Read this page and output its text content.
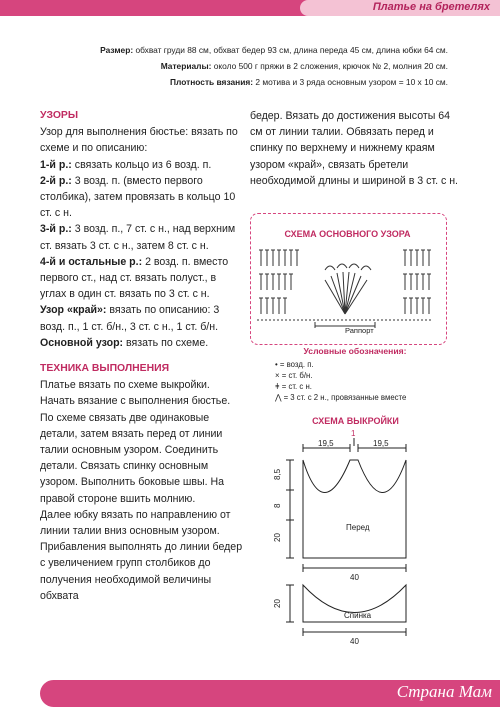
Платье на бретелях
Размер: обхват груди 88 см, обхват бедер 93 см, длина переда 45 см, длина юбки 64 см.
Материалы: около 500 г пряжи в 2 сложения, крючок № 2, молния 20 см.
Плотность вязания: 2 мотива и 3 ряда основным узором = 10 х 10 см.
УЗОРЫ
Узор для выполнения бюстье: вязать по схеме и по описанию:
1-й р.: связать кольцо из 6 возд. п.
2-й р.: 3 возд. п. (вместо первого столбика), затем провязать в кольцо 10 ст. с н.
3-й р.: 3 возд. п., 7 ст. с н., над верхним ст. вязать 3 ст. с н., затем 8 ст. с н.
4-й и остальные р.: 2 возд. п. вместо первого ст., над ст. вязать полуст., в углах в один ст. вязать по 3 ст. с н.
Узор «край»: вязать по описанию: 3 возд. п., 1 ст. б/н., 3 ст. с н., 1 ст. б/н.
Основной узор: вязать по схеме.
ТЕХНИКА ВЫПОЛНЕНИЯ
Платье вязать по схеме выкройки. Начать вязание с выполнения бюстье. По схеме связать две одинаковые детали, затем вязать перед от линии талии основным узором. Соединить детали. Связать спинку основным узором. Выполнить боковые швы. На правой стороне вшить молнию.
Далее юбку вязать по направлению от линии талии вниз основным узором. Прибавления выполнять до линии бедер с увеличением групп столбиков до получения необходимой величины обхвата
бедер. Вязать до достижения высоты 64 см от линии талии. Обвязать перед и спинку по верхнему и нижнему краям узором «край», связать бретели необходимой длины и шириной в 3 ст. с н.
СХЕМА ОСНОВНОГО УЗОРА
Раппорт
Условные обозначения:
• = возд. п.
× = ст. б/н.
ǂ = ст. с н.
⋀ = 3 ст. с 2 н., провязанные вместе
СХЕМА ВЫКРОЙКИ
19,5
1
19,5
8,5
8
20
Перед
40
20
Спинка
40
Страна Мам
